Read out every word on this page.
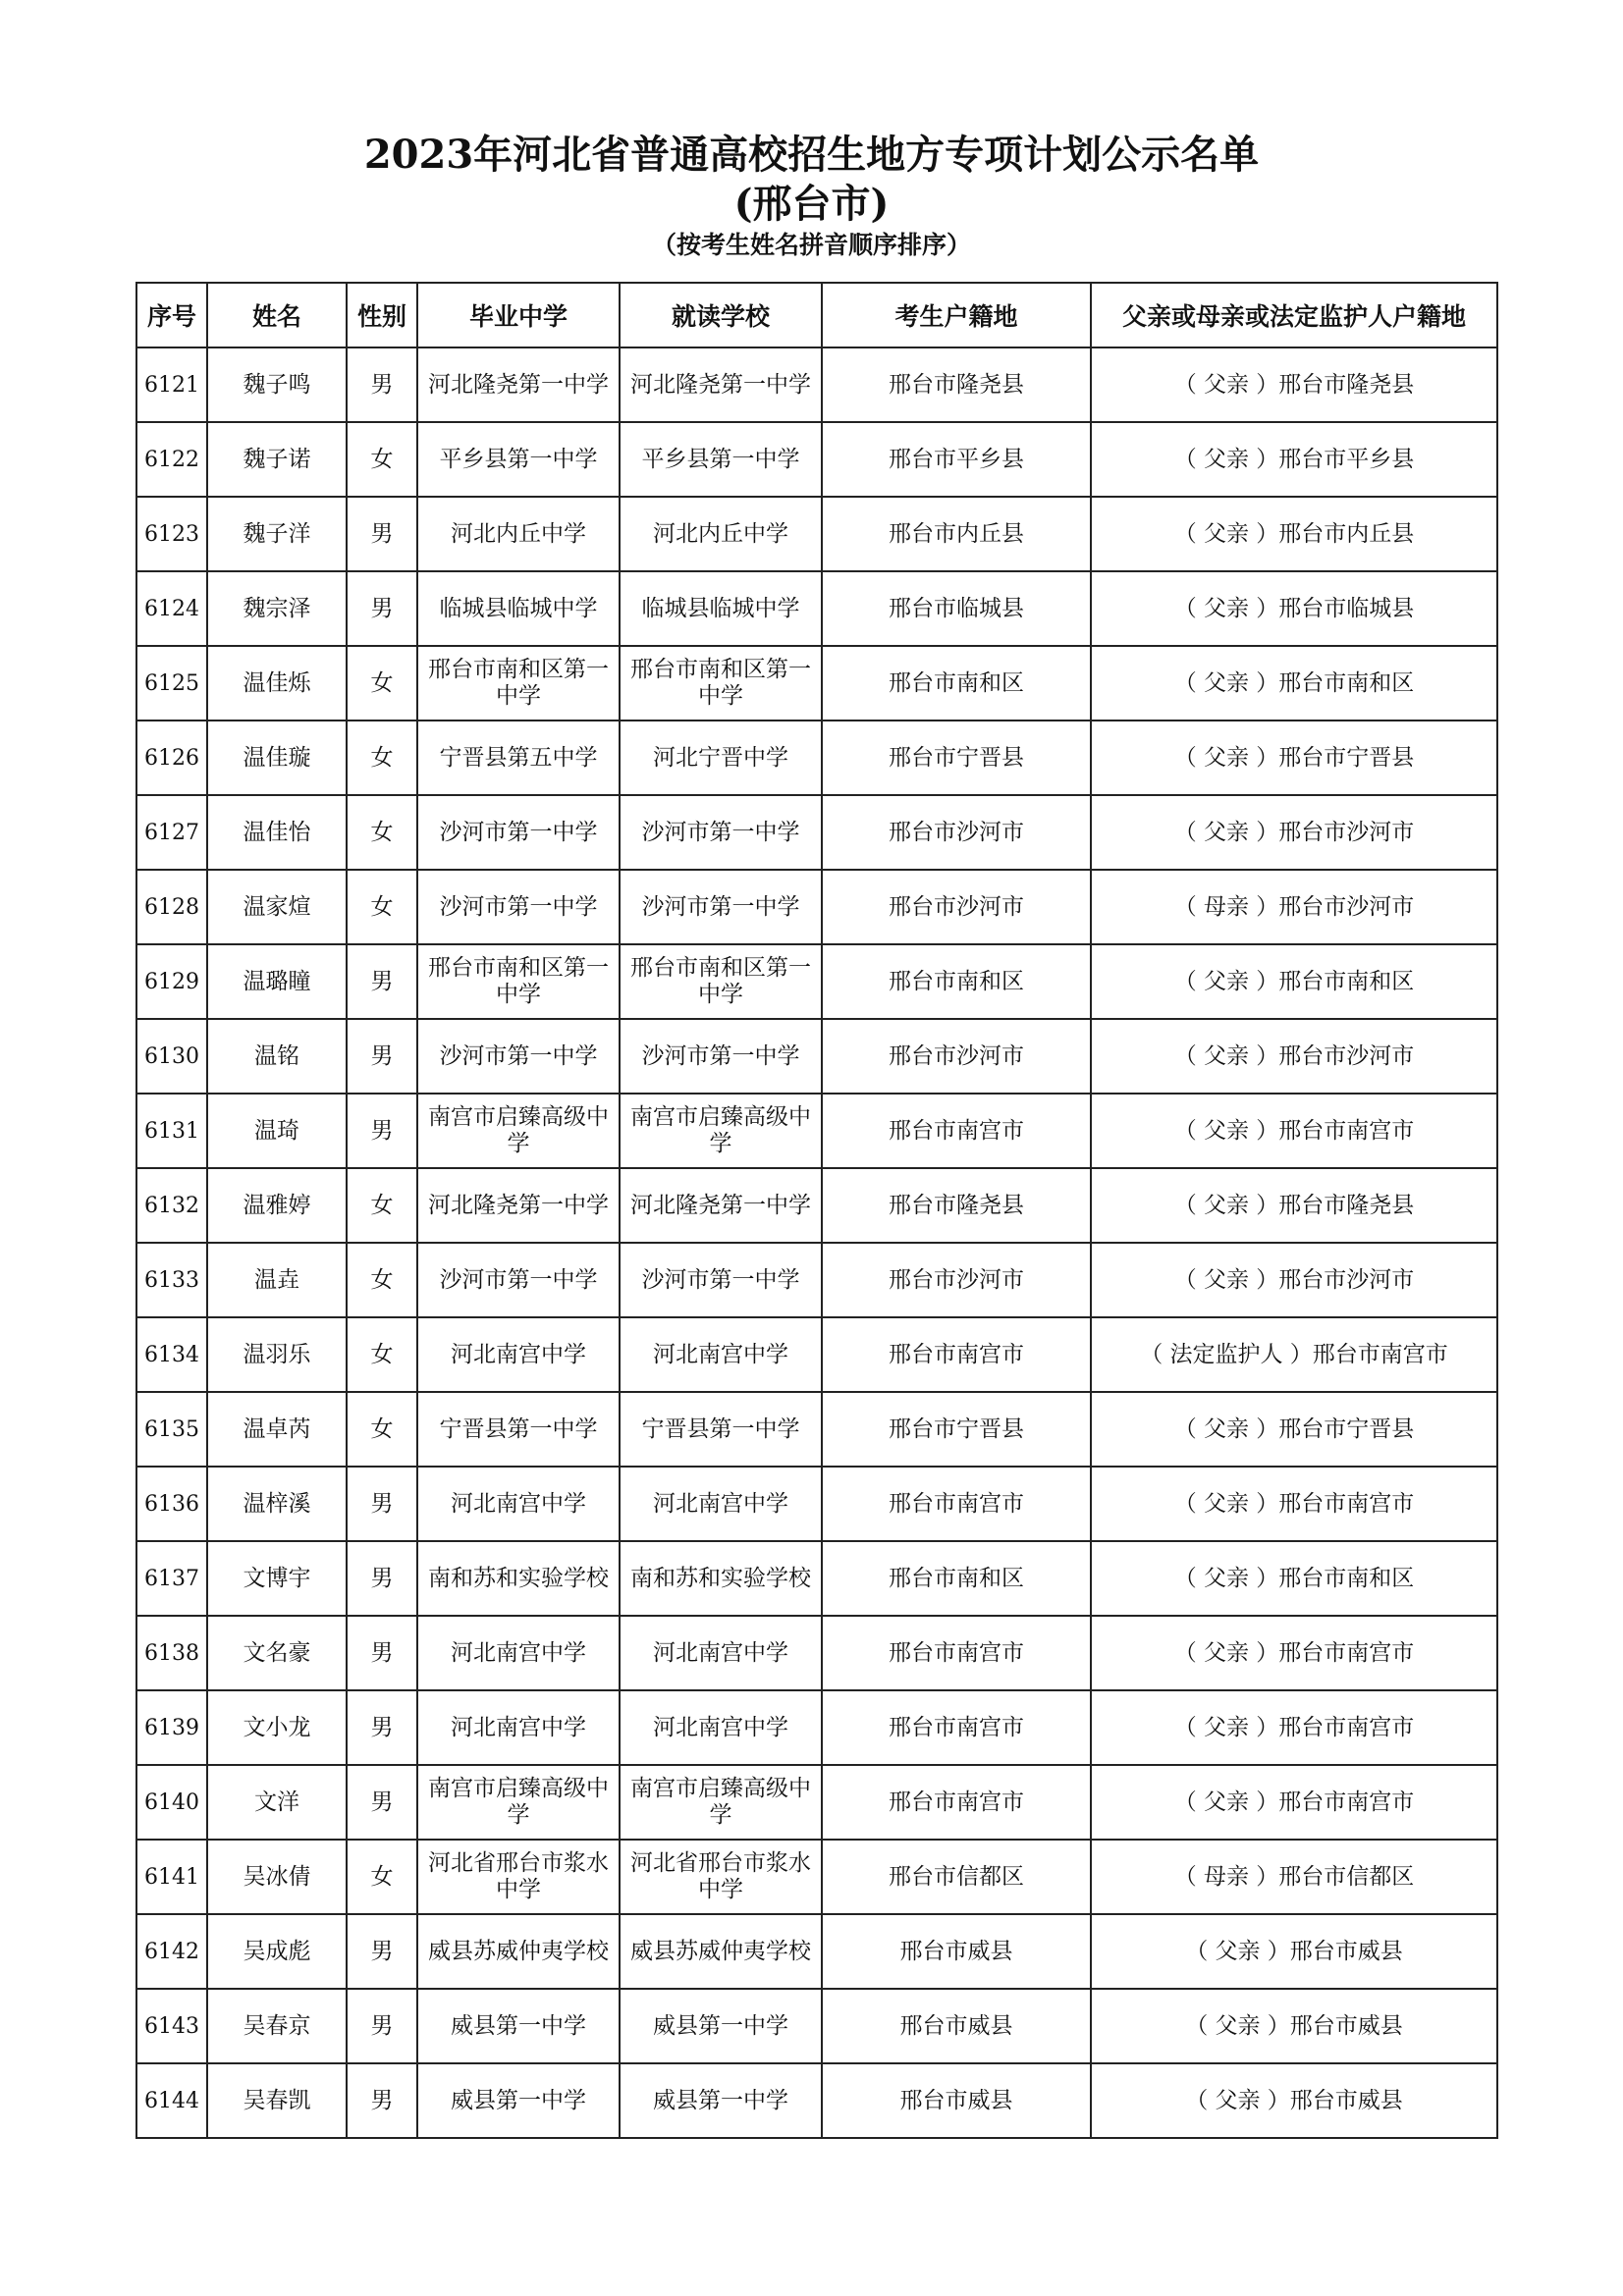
2023年河北省普通高校招生地方专项计划公示名单
(邢台市)
（按考生姓名拼音顺序排序）
序号	姓名	性别	毕业中学	就读学校	考生户籍地	父亲或母亲或法定监护人户籍地
6121	魏子鸣	男	河北隆尧第一中学	河北隆尧第一中学	邢台市隆尧县	（ 父亲 ）邢台市隆尧县
6122	魏子诺	女	平乡县第一中学	平乡县第一中学	邢台市平乡县	（ 父亲 ）邢台市平乡县
6123	魏子洋	男	河北内丘中学	河北内丘中学	邢台市内丘县	（ 父亲 ）邢台市内丘县
6124	魏宗泽	男	临城县临城中学	临城县临城中学	邢台市临城县	（ 父亲 ）邢台市临城县
6125	温佳烁	女	邢台市南和区第一中学	邢台市南和区第一中学	邢台市南和区	（ 父亲 ）邢台市南和区
6126	温佳璇	女	宁晋县第五中学	河北宁晋中学	邢台市宁晋县	（ 父亲 ）邢台市宁晋县
6127	温佳怡	女	沙河市第一中学	沙河市第一中学	邢台市沙河市	（ 父亲 ）邢台市沙河市
6128	温家煊	女	沙河市第一中学	沙河市第一中学	邢台市沙河市	（ 母亲 ）邢台市沙河市
6129	温璐瞳	男	邢台市南和区第一中学	邢台市南和区第一中学	邢台市南和区	（ 父亲 ）邢台市南和区
6130	温铭	男	沙河市第一中学	沙河市第一中学	邢台市沙河市	（ 父亲 ）邢台市沙河市
6131	温琦	男	南宫市启臻高级中学	南宫市启臻高级中学	邢台市南宫市	（ 父亲 ）邢台市南宫市
6132	温雅婷	女	河北隆尧第一中学	河北隆尧第一中学	邢台市隆尧县	（ 父亲 ）邢台市隆尧县
6133	温垚	女	沙河市第一中学	沙河市第一中学	邢台市沙河市	（ 父亲 ）邢台市沙河市
6134	温羽乐	女	河北南宫中学	河北南宫中学	邢台市南宫市	（ 法定监护人 ）邢台市南宫市
6135	温卓芮	女	宁晋县第一中学	宁晋县第一中学	邢台市宁晋县	（ 父亲 ）邢台市宁晋县
6136	温梓溪	男	河北南宫中学	河北南宫中学	邢台市南宫市	（ 父亲 ）邢台市南宫市
6137	文博宇	男	南和苏和实验学校	南和苏和实验学校	邢台市南和区	（ 父亲 ）邢台市南和区
6138	文名豪	男	河北南宫中学	河北南宫中学	邢台市南宫市	（ 父亲 ）邢台市南宫市
6139	文小龙	男	河北南宫中学	河北南宫中学	邢台市南宫市	（ 父亲 ）邢台市南宫市
6140	文洋	男	南宫市启臻高级中学	南宫市启臻高级中学	邢台市南宫市	（ 父亲 ）邢台市南宫市
6141	吴冰倩	女	河北省邢台市浆水中学	河北省邢台市浆水中学	邢台市信都区	（ 母亲 ）邢台市信都区
6142	吴成彪	男	威县苏威仲夷学校	威县苏威仲夷学校	邢台市威县	（ 父亲 ）邢台市威县
6143	吴春京	男	威县第一中学	威县第一中学	邢台市威县	（ 父亲 ）邢台市威县
6144	吴春凯	男	威县第一中学	威县第一中学	邢台市威县	（ 父亲 ）邢台市威县
